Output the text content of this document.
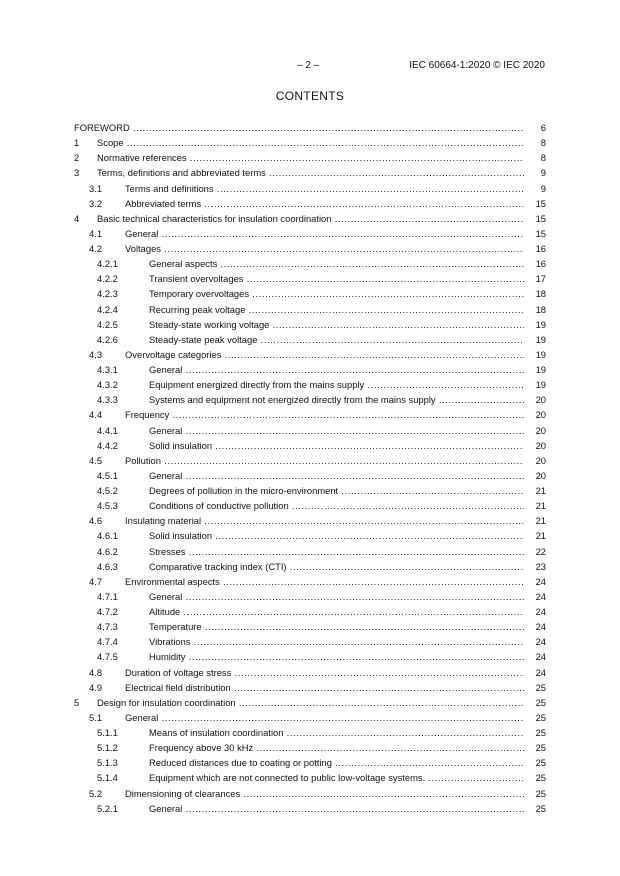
– 2 –	IEC 60664-1:2020 © IEC 2020
CONTENTS
FOREWORD .....	6
1 Scope .....	8
2 Normative references .....	8
3 Terms, definitions and abbreviated terms .....	9
3.1 Terms and definitions .....	9
3.2 Abbreviated terms .....	15
4 Basic technical characteristics for insulation coordination .....	15
4.1 General .....	15
4.2 Voltages .....	16
4.2.1	General aspects .....	16
4.2.2	Transient overvoltages .....	17
4.2.3	Temporary overvoltages .....	18
4.2.4	Recurring peak voltage .....	18
4.2.5	Steady-state working voltage .....	19
4.2.6	Steady-state peak voltage .....	19
4.3 Overvoltage categories .....	19
4.3.1	General .....	19
4.3.2	Equipment energized directly from the mains supply .....	19
4.3.3	Systems and equipment not energized directly from the mains supply .....	20
4.4 Frequency .....	20
4.4.1	General .....	20
4.4.2	Solid insulation .....	20
4.5 Pollution .....	20
4.5.1	General .....	20
4.5.2	Degrees of pollution in the micro-environment .....	21
4.5.3	Conditions of conductive pollution .....	21
4.6 Insulating material .....	21
4.6.1	Solid insulation .....	21
4.6.2	Stresses .....	22
4.6.3	Comparative tracking index (CTI) .....	23
4.7 Environmental aspects .....	24
4.7.1	General .....	24
4.7.2	Altitude .....	24
4.7.3	Temperature .....	24
4.7.4	Vibrations .....	24
4.7.5	Humidity .....	24
4.8 Duration of voltage stress .....	24
4.9 Electrical field distribution .....	25
5 Design for insulation coordination .....	25
5.1 General .....	25
5.1.1	Means of insulation coordination .....	25
5.1.2	Frequency above 30 kHz .....	25
5.1.3	Reduced distances due to coating or potting .....	25
5.1.4	Equipment which are not connected to public low-voltage systems. .....	25
5.2 Dimensioning of clearances .....	25
5.2.1	General .....	25
